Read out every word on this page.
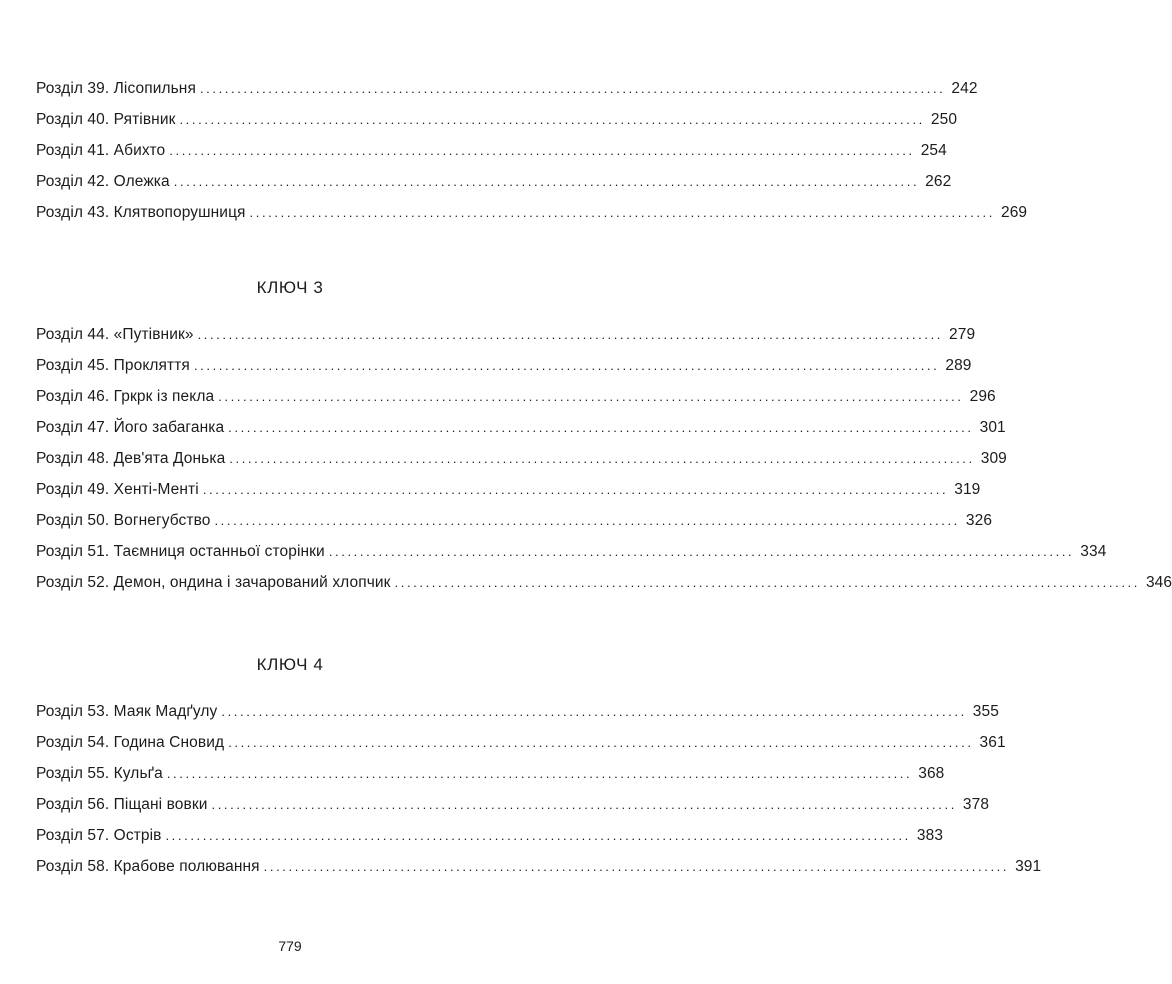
Розділ 39. Лісопильня ........................................................................................................................ 242
Розділ 40. Рятівник ........................................................................................................................ 250
Розділ 41. Абихто ........................................................................................................................ 254
Розділ 42. Олежка ........................................................................................................................ 262
Розділ 43. Клятвопорушниця ........................................................................................................................ 269
КЛЮЧ 3
Розділ 44. «Путівник» ........................................................................................................................ 279
Розділ 45. Прокляття ........................................................................................................................ 289
Розділ 46. Гркрк із пекла ........................................................................................................................ 296
Розділ 47. Його забаганка ........................................................................................................................ 301
Розділ 48. Дев'ята Донька ........................................................................................................................ 309
Розділ 49. Хенті-Менті ........................................................................................................................ 319
Розділ 50. Вогнегубство ........................................................................................................................ 326
Розділ 51. Таємниця останньої сторінки ........................................................................................................................ 334
Розділ 52. Демон, ондина і зачарований хлопчик ........................................................................................................................ 346
КЛЮЧ 4
Розділ 53. Маяк Мадґулу ........................................................................................................................ 355
Розділ 54. Година Сновид ........................................................................................................................ 361
Розділ 55. Кульґа ........................................................................................................................ 368
Розділ 56. Піщані вовки ........................................................................................................................ 378
Розділ 57. Острів ........................................................................................................................ 383
Розділ 58. Крабове полювання ........................................................................................................................ 391
779
